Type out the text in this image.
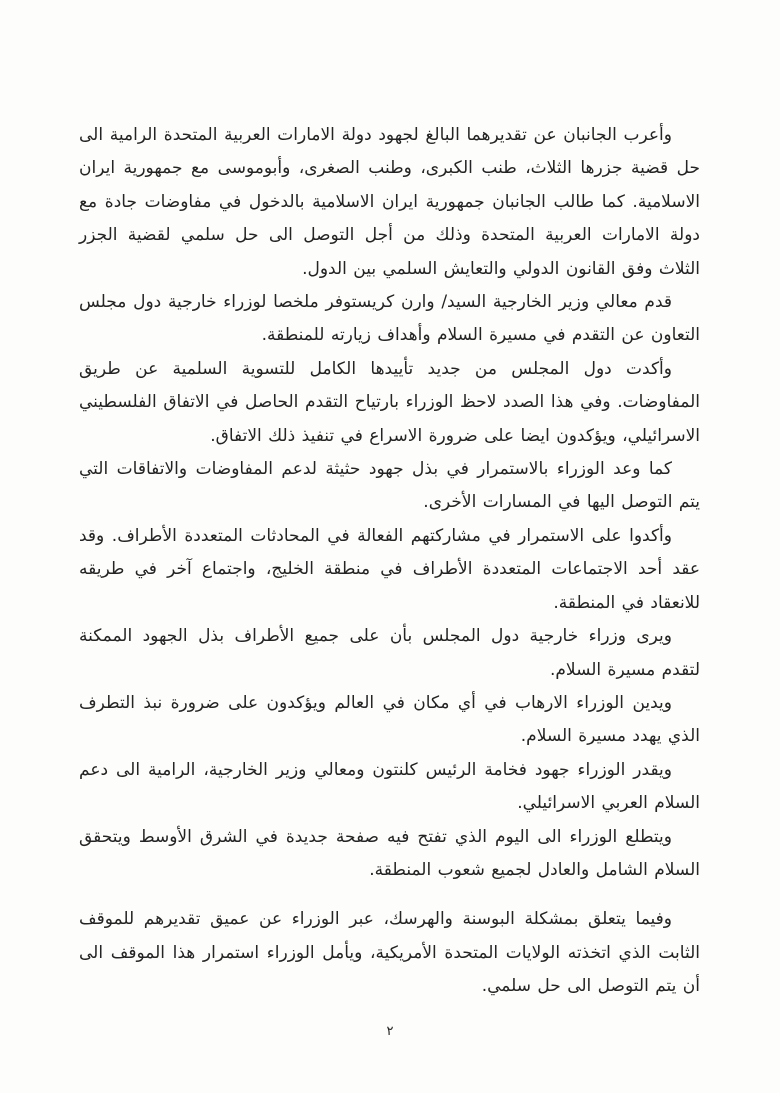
وأعرب الجانبان عن تقديرهما البالغ لجهود دولة الامارات العربية المتحدة الرامية الى حل قضية جزرها الثلاث، طنب الكبرى، وطنب الصغرى، وأبوموسى مع جمهورية ايران الاسلامية. كما طالب الجانبان جمهورية ايران الاسلامية بالدخول في مفاوضات جادة مع دولة الامارات العربية المتحدة وذلك من أجل التوصل الى حل سلمي لقضية الجزر الثلاث وفق القانون الدولي والتعايش السلمي بين الدول.

قدم معالي وزير الخارجية السيد/ وارن كريستوفر ملخصا لوزراء خارجية دول مجلس التعاون عن التقدم في مسيرة السلام وأهداف زيارته للمنطقة.

وأكدت دول المجلس من جديد تأييدها الكامل للتسوية السلمية عن طريق المفاوضات. وفي هذا الصدد لاحظ الوزراء بارتياح التقدم الحاصل في الاتفاق الفلسطيني الاسرائيلي، ويؤكدون ايضا على ضرورة الاسراع في تنفيذ ذلك الاتفاق.

كما وعد الوزراء بالاستمرار في بذل جهود حثيثة لدعم المفاوضات والاتفاقات التي يتم التوصل اليها في المسارات الأخرى.

وأكدوا على الاستمرار في مشاركتهم الفعالة في المحادثات المتعددة الأطراف. وقد عقد أحد الاجتماعات المتعددة الأطراف في منطقة الخليج، واجتماع آخر في طريقه للانعقاد في المنطقة.

ويرى وزراء خارجية دول المجلس بأن على جميع الأطراف بذل الجهود الممكنة لتقدم مسيرة السلام.

ويدين الوزراء الارهاب في أي مكان في العالم ويؤكدون على ضرورة نبذ التطرف الذي يهدد مسيرة السلام.

ويقدر الوزراء جهود فخامة الرئيس كلنتون ومعالي وزير الخارجية، الرامية الى دعم السلام العربي الاسرائيلي.

ويتطلع الوزراء الى اليوم الذي تفتح فيه صفحة جديدة في الشرق الأوسط ويتحقق السلام الشامل والعادل لجميع شعوب المنطقة.

وفيما يتعلق بمشكلة البوسنة والهرسك، عبر الوزراء عن عميق تقديرهم للموقف الثابت الذي اتخذته الولايات المتحدة الأمريكية، ويأمل الوزراء استمرار هذا الموقف الى أن يتم التوصل الى حل سلمي.

٢
